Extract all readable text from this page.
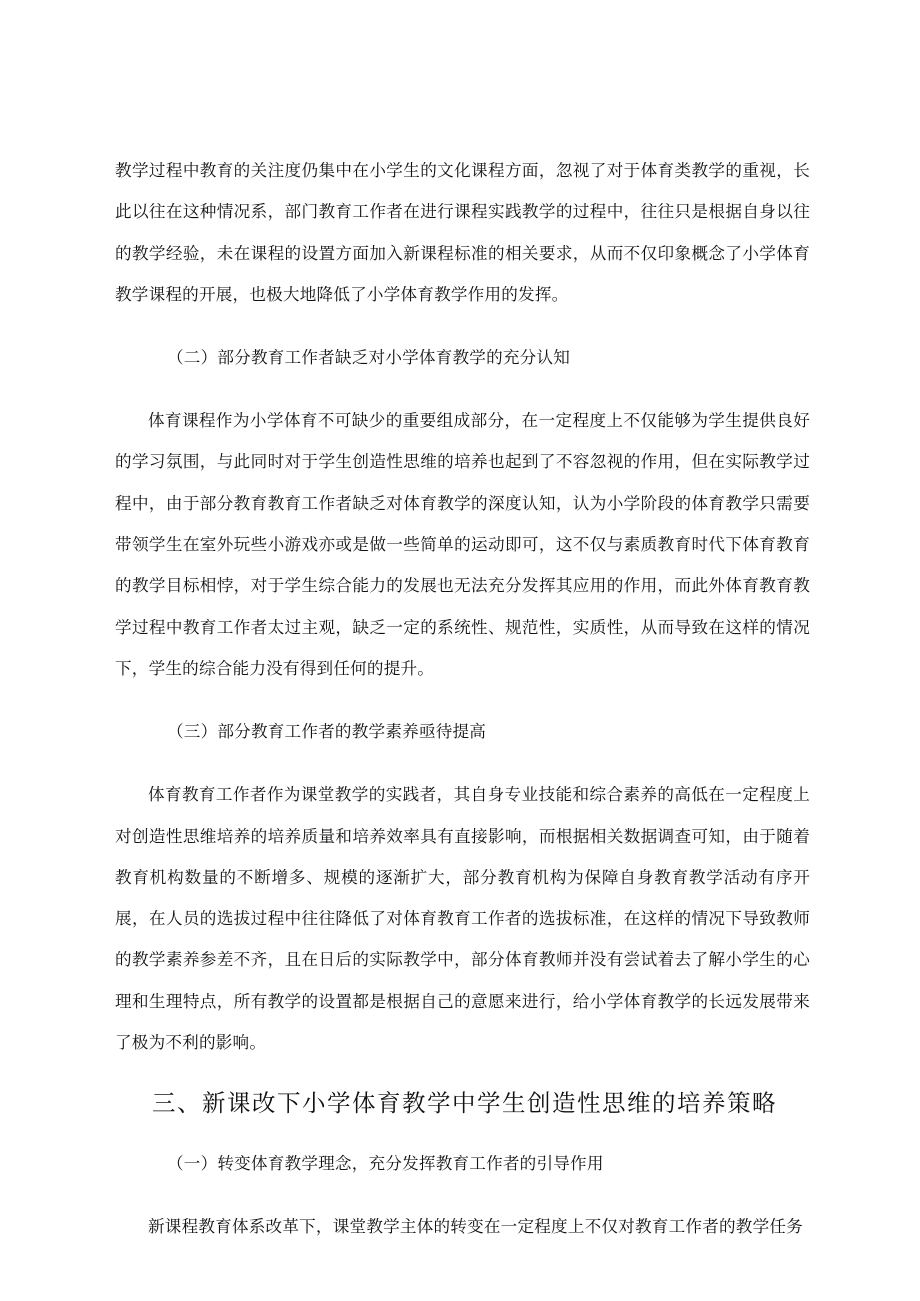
教学过程中教育的关注度仍集中在小学生的文化课程方面，忽视了对于体育类教学的重视，长此以往在这种情况系，部门教育工作者在进行课程实践教学的过程中，往往只是根据自身以往的教学经验，未在课程的设置方面加入新课程标准的相关要求，从而不仅印象概念了小学体育教学课程的开展，也极大地降低了小学体育教学作用的发挥。

（二）部分教育工作者缺乏对小学体育教学的充分认知

体育课程作为小学体育不可缺少的重要组成部分，在一定程度上不仅能够为学生提供良好的学习氛围，与此同时对于学生创造性思维的培养也起到了不容忽视的作用，但在实际教学过程中，由于部分教育教育工作者缺乏对体育教学的深度认知，认为小学阶段的体育教学只需要带领学生在室外玩些小游戏亦或是做一些简单的运动即可，这不仅与素质教育时代下体育教育的教学目标相悖，对于学生综合能力的发展也无法充分发挥其应用的作用，而此外体育教育教学过程中教育工作者太过主观，缺乏一定的系统性、规范性，实质性，从而导致在这样的情况下，学生的综合能力没有得到任何的提升。

（三）部分教育工作者的教学素养亟待提高

体育教育工作者作为课堂教学的实践者，其自身专业技能和综合素养的高低在一定程度上对创造性思维培养的培养质量和培养效率具有直接影响，而根据相关数据调查可知，由于随着教育机构数量的不断增多、规模的逐渐扩大，部分教育机构为保障自身教育教学活动有序开展，在人员的选拔过程中往往降低了对体育教育工作者的选拔标准，在这样的情况下导致教师的教学素养参差不齐，且在日后的实际教学中，部分体育教师并没有尝试着去了解小学生的心理和生理特点，所有教学的设置都是根据自己的意愿来进行，给小学体育教学的长远发展带来了极为不利的影响。

三、新课改下小学体育教学中学生创造性思维的培养策略

（一）转变体育教学理念，充分发挥教育工作者的引导作用

新课程教育体系改革下，课堂教学主体的转变在一定程度上不仅对教育工作者的教学任务
